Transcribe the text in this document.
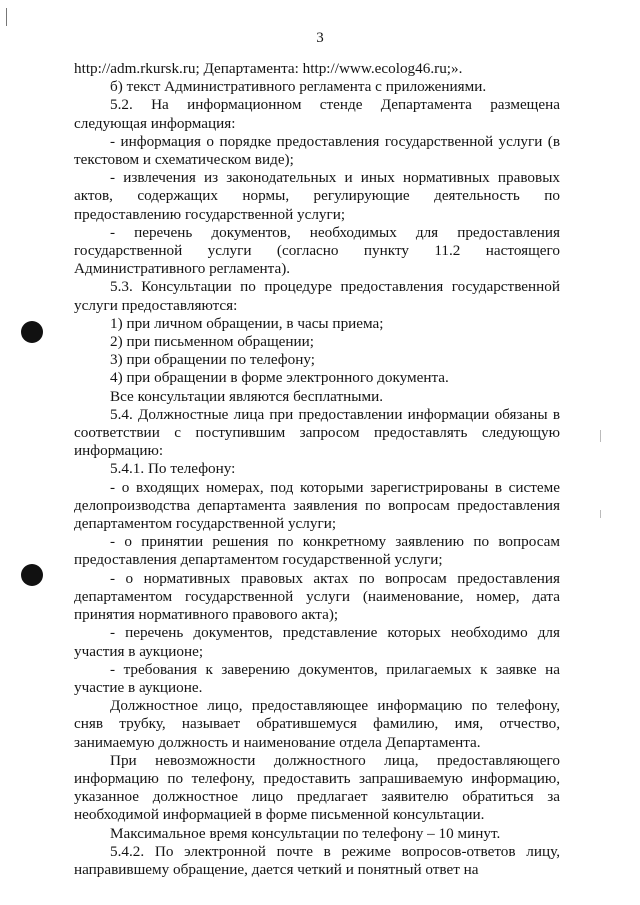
3

http://adm.rkursk.ru; Департамента: http://www.ecolog46.ru;».

б) текст Административного регламента с приложениями.

5.2. На информационном стенде Департамента размещена следующая информация:

- информация о порядке предоставления государственной услуги (в текстовом и схематическом виде);

- извлечения из законодательных и иных нормативных правовых актов, содержащих нормы, регулирующие деятельность по предоставлению государственной услуги;

- перечень документов, необходимых для предоставления государственной услуги (согласно пункту 11.2 настоящего Административного регламента).

5.3. Консультации по процедуре предоставления государственной услуги предоставляются:

1) при личном обращении, в часы приема;

2) при письменном обращении;

3) при обращении по телефону;

4) при обращении в форме электронного документа.

Все консультации являются бесплатными.

5.4. Должностные лица при предоставлении информации обязаны в соответствии с поступившим запросом предоставлять следующую информацию:

5.4.1. По телефону:

- о входящих номерах, под которыми зарегистрированы в системе делопроизводства департамента заявления по вопросам предоставления департаментом государственной услуги;

- о принятии решения по конкретному заявлению по вопросам предоставления департаментом государственной услуги;

- о нормативных правовых актах по вопросам предоставления департаментом государственной услуги (наименование, номер, дата принятия нормативного правового акта);

- перечень документов, представление которых необходимо для участия в аукционе;

- требования к заверению документов, прилагаемых к заявке на участие в аукционе.

Должностное лицо, предоставляющее информацию по телефону, сняв трубку, называет обратившемуся фамилию, имя, отчество, занимаемую должность и наименование отдела Департамента.

При невозможности должностного лица, предоставляющего информацию по телефону, предоставить запрашиваемую информацию, указанное должностное лицо предлагает заявителю обратиться за необходимой информацией в форме письменной консультации.

Максимальное время консультации по телефону – 10 минут.

5.4.2. По электронной почте в режиме вопросов-ответов лицу, направившему обращение, дается четкий и понятный ответ на
